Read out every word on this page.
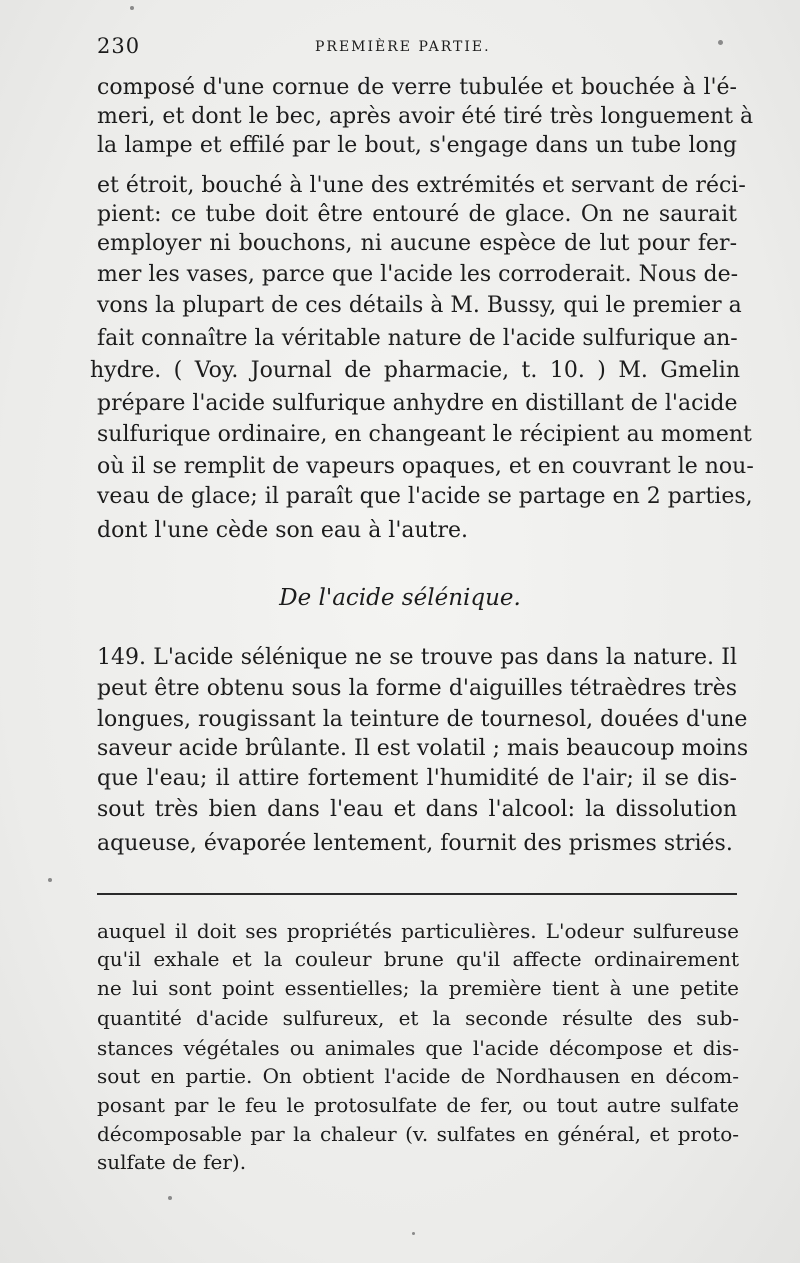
230	PREMIÈRE PARTIE.
composé d'une cornue de verre tubulée et bouchée à l'é-
meri, et dont le bec, après avoir été tiré très longuement à
la lampe et effilé par le bout, s'engage dans un tube long
et étroit, bouché à l'une des extrémités et servant de réci-
pient: ce tube doit être entouré de glace. On ne saurait
employer ni bouchons, ni aucune espèce de lut pour fer-
mer les vases, parce que l'acide les corroderait. Nous de-
vons la plupart de ces détails à M. Bussy, qui le premier a
fait connaître la véritable nature de l'acide sulfurique an-
hydre. ( Voy. Journal de pharmacie, t. 10. ) M. Gmelin
prépare l'acide sulfurique anhydre en distillant de l'acide
sulfurique ordinaire, en changeant le récipient au moment
où il se remplit de vapeurs opaques, et en couvrant le nou-
veau de glace; il paraît que l'acide se partage en 2 parties,
dont l'une cède son eau à l'autre.
De l'acide sélénique.
149. L'acide sélénique ne se trouve pas dans la nature. Il
peut être obtenu sous la forme d'aiguilles tétraèdres très
longues, rougissant la teinture de tournesol, douées d'une
saveur acide brûlante. Il est volatil ; mais beaucoup moins
que l'eau; il attire fortement l'humidité de l'air; il se dis-
sout très bien dans l'eau et dans l'alcool: la dissolution
aqueuse, évaporée lentement, fournit des prismes striés.
auquel il doit ses propriétés particulières. L'odeur sulfureuse
qu'il exhale et la couleur brune qu'il affecte ordinairement
ne lui sont point essentielles; la première tient à une petite
quantité d'acide sulfureux, et la seconde résulte des sub-
stances végétales ou animales que l'acide décompose et dis-
sout en partie. On obtient l'acide de Nordhausen en décom-
posant par le feu le protosulfate de fer, ou tout autre sulfate
décomposable par la chaleur (v. sulfates en général, et proto-
sulfate de fer).
